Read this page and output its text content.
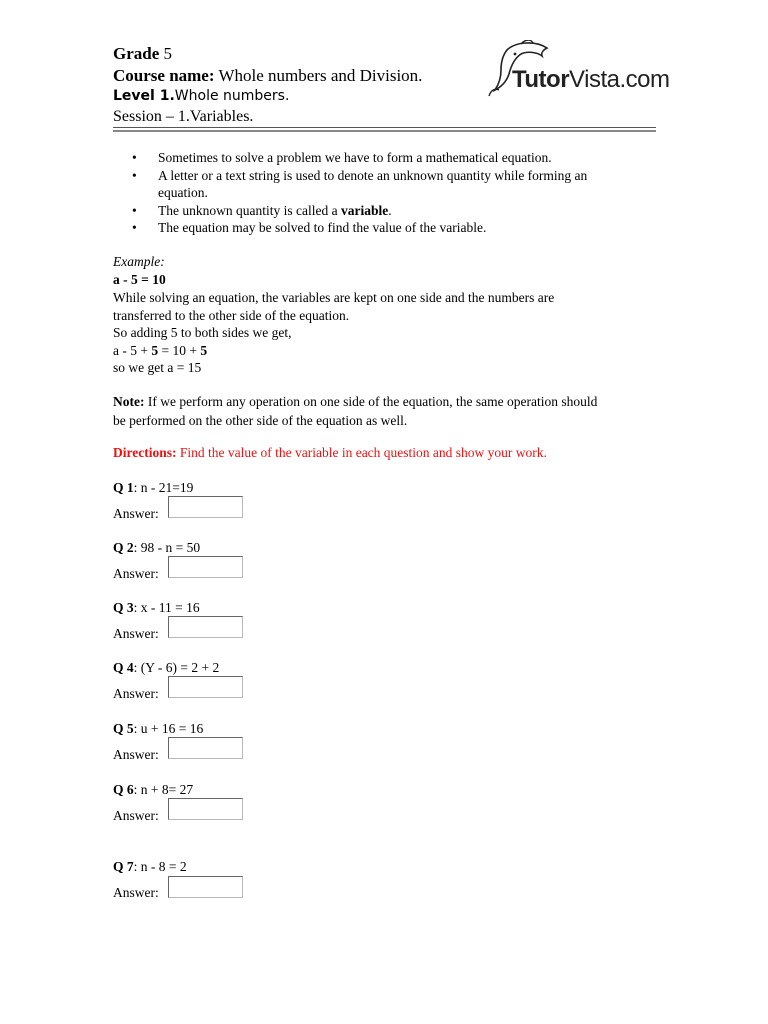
Grade 5
Course name: Whole numbers and Division.
Level 1.Whole numbers.
Session – 1.Variables.
TutorVista.com
• Sometimes to solve a problem we have to form a mathematical equation.
• A letter or a text string is used to denote an unknown quantity while forming an
equation.
• The unknown quantity is called a variable.
• The equation may be solved to find the value of the variable.
Example:
a - 5 = 10
While solving an equation, the variables are kept on one side and the numbers are
transferred to the other side of the equation.
So adding 5 to both sides we get,
a - 5 + 5 = 10 + 5
so we get a = 15
Note: If we perform any operation on one side of the equation, the same operation should
be performed on the other side of the equation as well.
Directions: Find the value of the variable in each question and show your work.
Q 1: n - 21=19
Answer:
Q 2: 98 - n = 50
Answer:
Q 3: x - 11 = 16
Answer:
Q 4: (Y - 6) = 2 + 2
Answer:
Q 5: u + 16 = 16
Answer:
Q 6: n + 8= 27
Answer:
Q 7: n - 8 = 2
Answer:
